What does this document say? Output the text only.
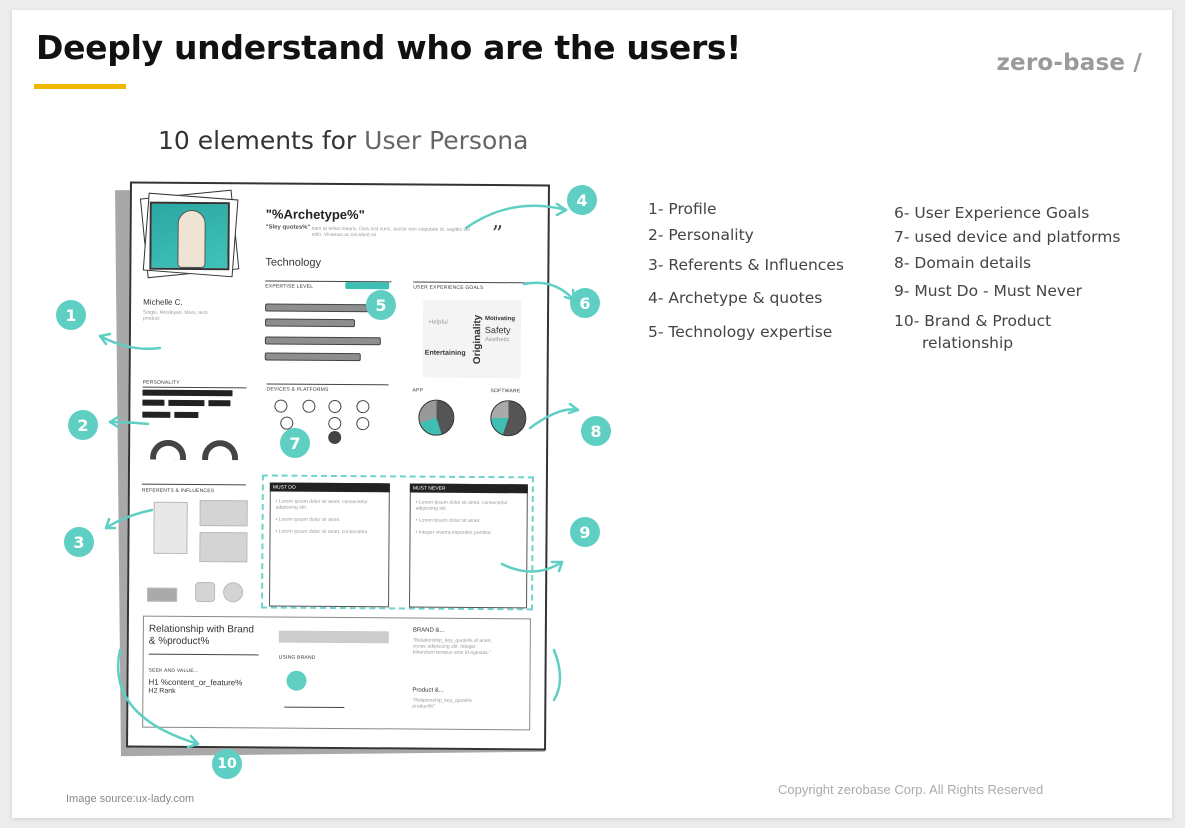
Deeply understand who are the users!	zero-base /
10 elements for User Persona
"%Archetype%"
"Sley quotes%" nam at tellus mauris. Duis nisl nunc, auctor non vulputate id, sagittis vel nibh. Vivamus ac tincidunt mi.	”
Technology
EXPERTISE LEVEL	USER EXPERIENCE GOALS
Helpful
Motivating
Safety
Aesthetic
Entertaining Originality
Michelle C.
Single, Wesleyan, Mom, tech product
PERSONALITY
DEVICES & PLATFORMS	APP	SOFTWARE
REFERENTS & INFLUENCES
MUST DO	MUST NEVER
• Lorem ipsum dolor sit amet, consectetur adipiscing elit.

• Lorem ipsum dolor sit amet.

• Lorem ipsum dolor sit amet, consectetur.
• Lorem ipsum dolor sit amet, consectetur adipiscing elit.

• Lorem ipsum dolor sit amet.

• Integer viverra imperdiet porttitor.
Relationship with Brand & %product%
SEEK AND VALUE...
H1 %content_or_feature%
H2 Rank
USING BRAND
BRAND &...
"Relationship_key_quote% of amet, conse adipiscing elit. Integer bibendum tempus ante id egestas."
Product &...
"Relationship_key_quote% product%"
1
2
3
4
5	6
7
8
9
10
1- Profile
2- Personality
3- Referents & Influences
4- Archetype & quotes
5- Technology expertise
6- User Experience Goals
7- used device and platforms
8- Domain details
9- Must Do - Must Never
10- Brand & Product
relationship
Copyright zerobase Corp. All Rights Reserved
Image source:ux-lady.com
